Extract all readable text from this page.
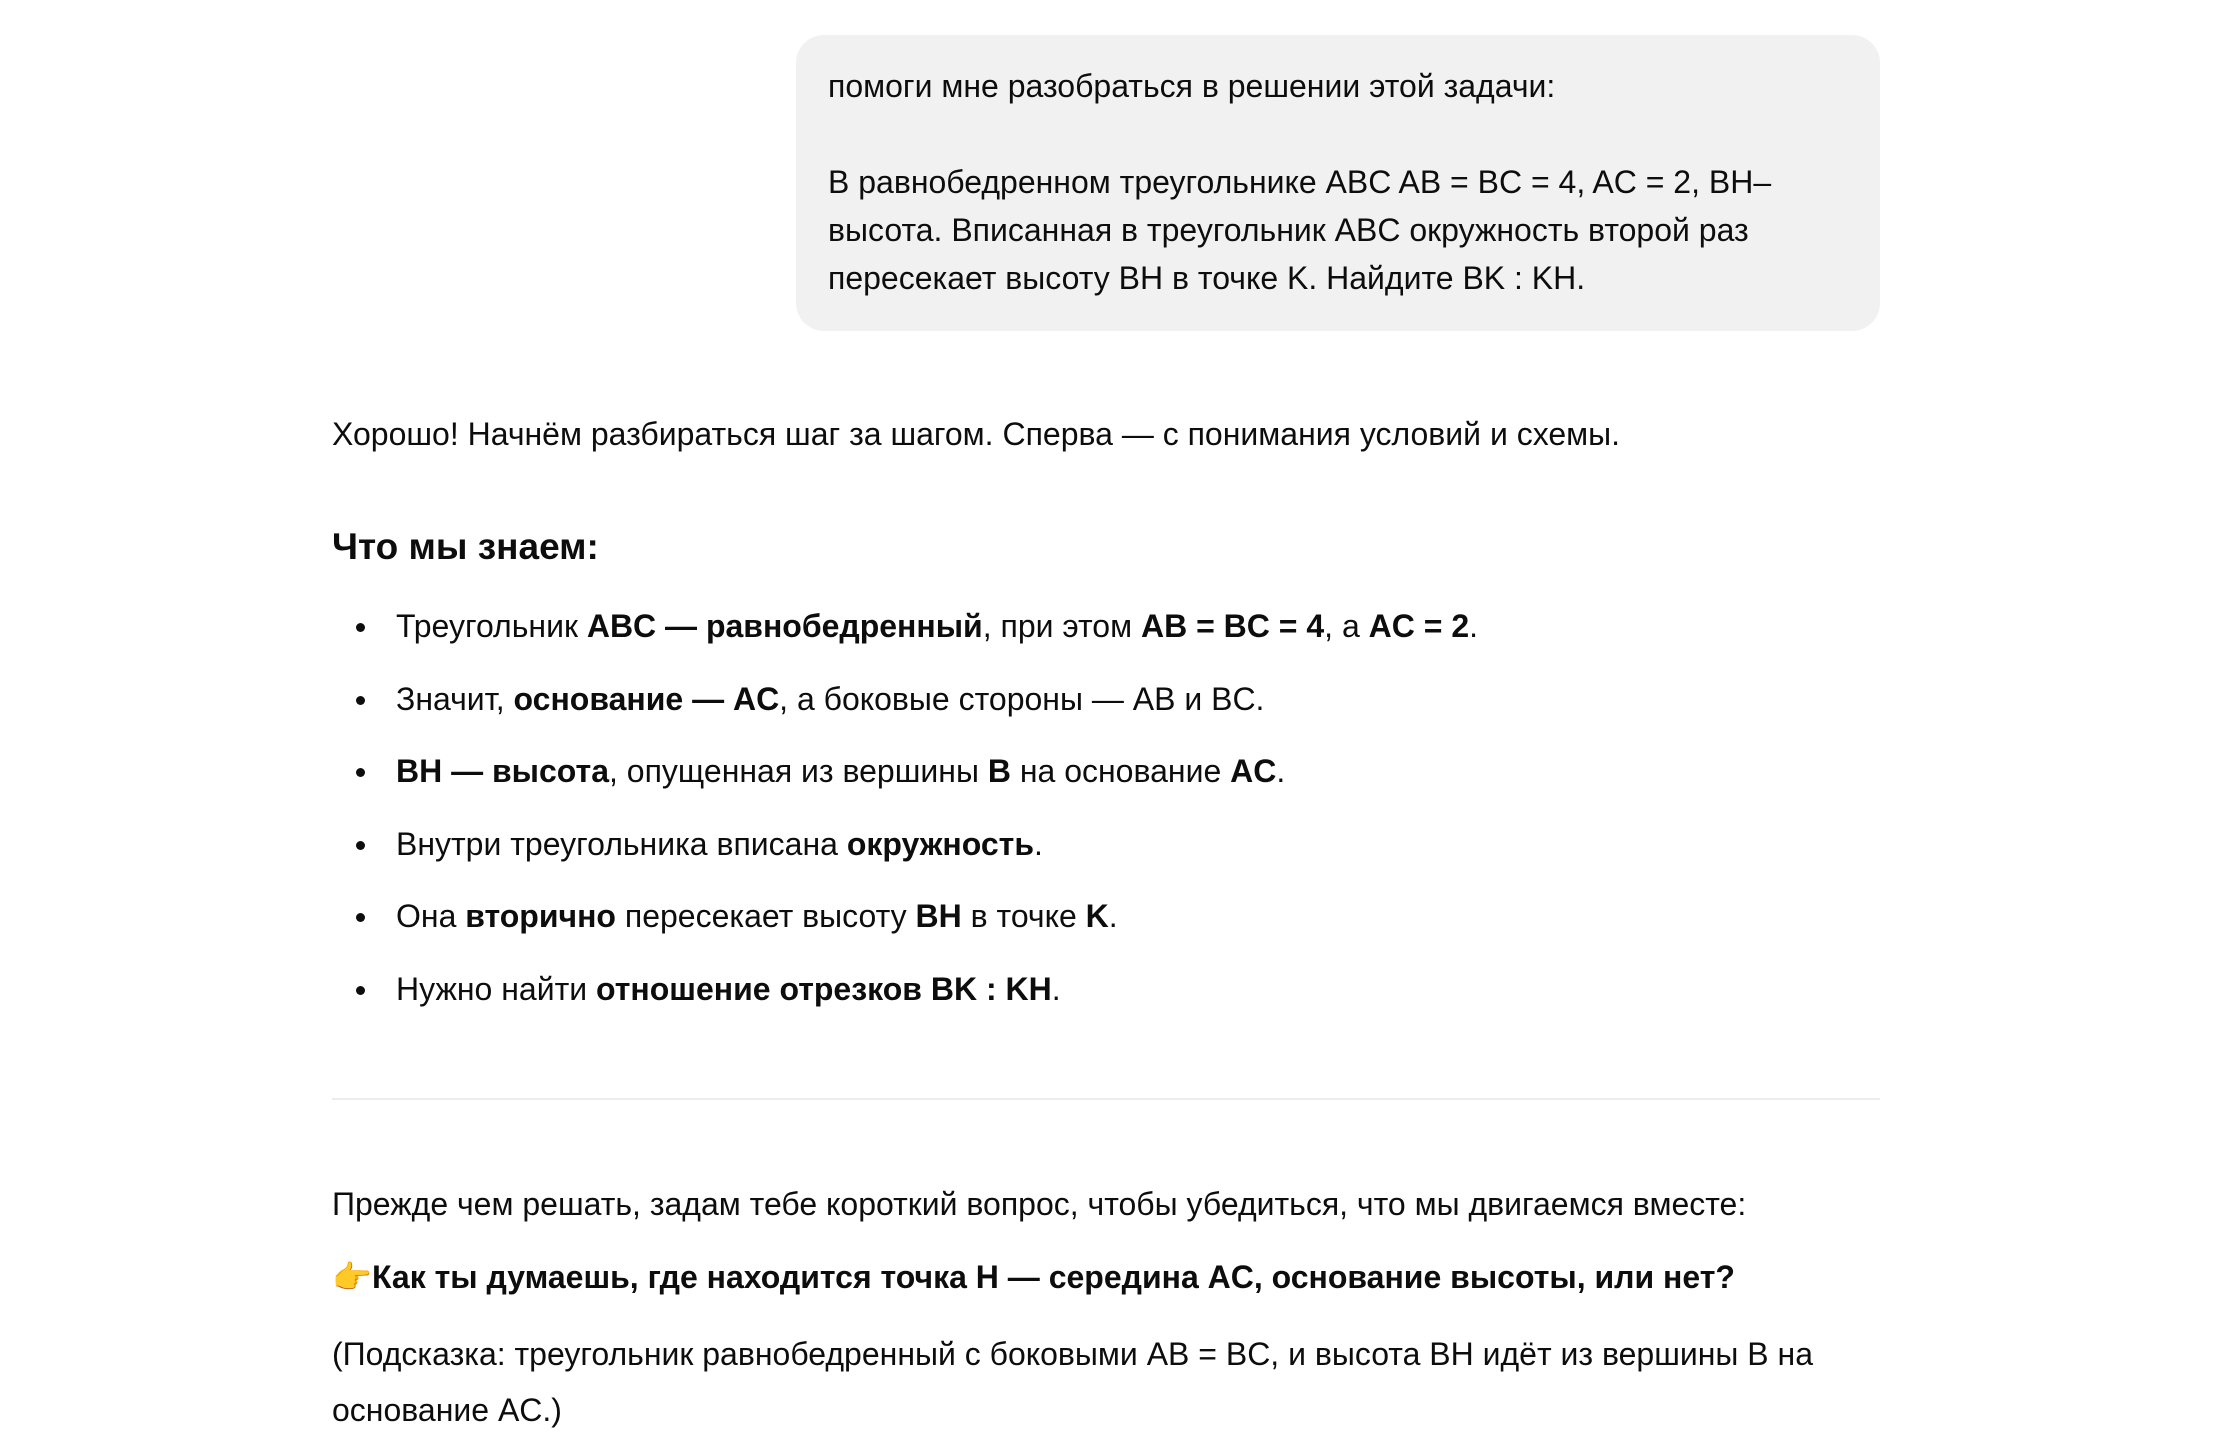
помоги мне разобраться в решении этой задачи:

В равнобедренном треугольнике ABC AB = BC = 4, AC = 2, BH– высота. Вписанная в треугольник ABC окружность второй раз пересекает высоту BH в точке K. Найдите BK : KH.

Хорошо! Начнём разбираться шаг за шагом. Сперва — с понимания условий и схемы.

Что мы знаем:
Треугольник ABC — равнобедренный, при этом AB = BC = 4, а AC = 2.
Значит, основание — AC, а боковые стороны — AB и BC.
BH — высота, опущенная из вершины B на основание AC.
Внутри треугольника вписана окружность.
Она вторично пересекает высоту BH в точке K.
Нужно найти отношение отрезков BK : KH.

Прежде чем решать, задам тебе короткий вопрос, чтобы убедиться, что мы двигаемся вместе:

👉Как ты думаешь, где находится точка H — середина AC, основание высоты, или нет?

(Подсказка: треугольник равнобедренный с боковыми AB = BC, и высота BH идёт из вершины B на основание AC.)
